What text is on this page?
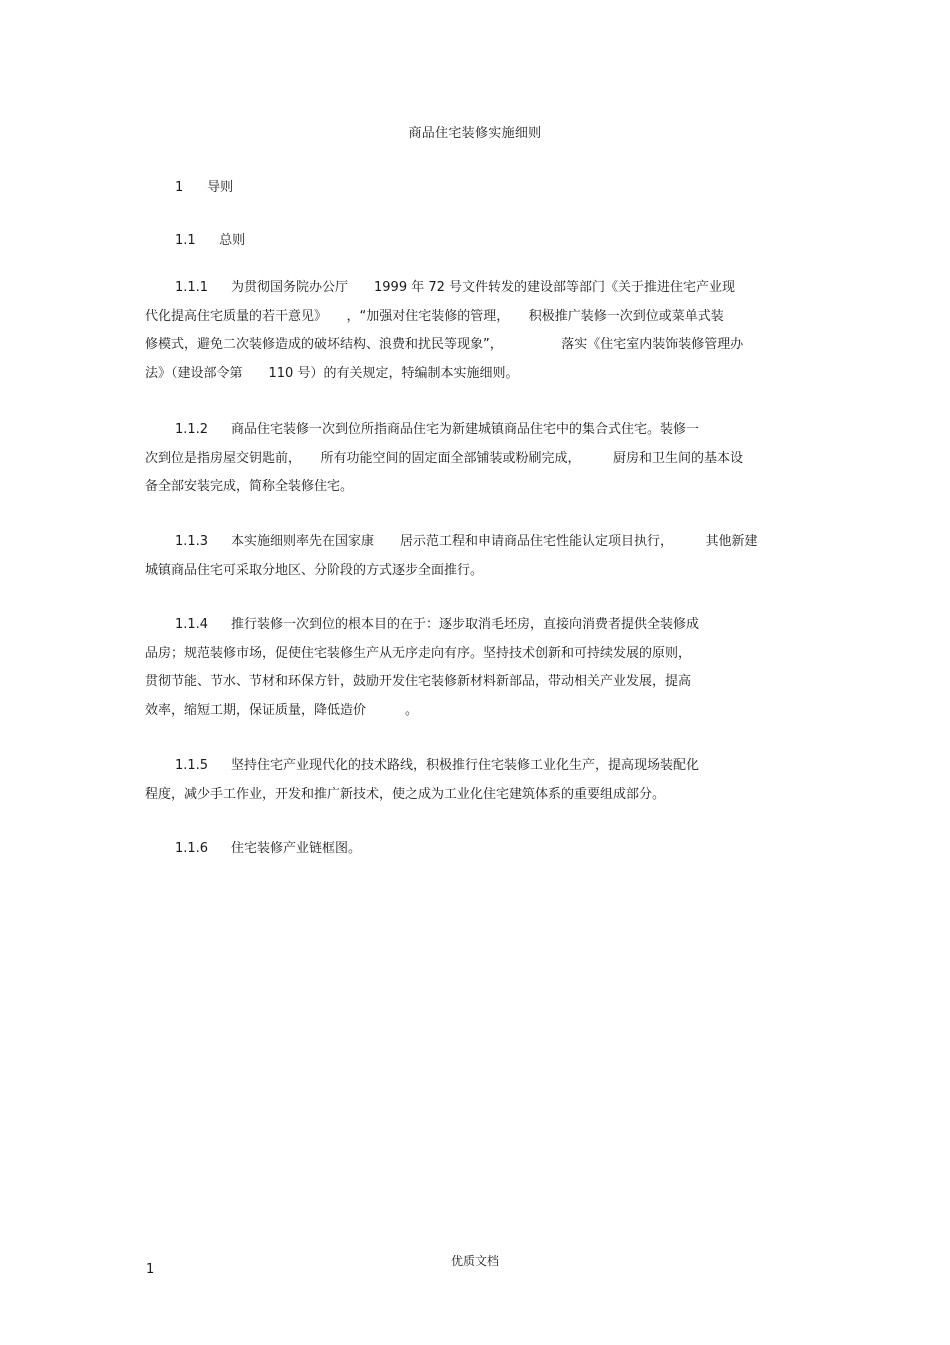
商品住宅装修实施细则
1 导则
1.1 总则
1.1.1 为贯彻国务院办公厅　　1999 年 72 号文件转发的建设部等部门《关于推进住宅产业现
代化提高住宅质量的若干意见》　　，“加强对住宅装修的管理，　　积极推广装修一次到位或菜单式装
修模式，避免二次装修造成的破坏结构、浪费和扰民等现象”，　　　　　落实《住宅室内装饰装修管理办
法》（建设部令第　　110 号）的有关规定，特编制本实施细则。
1.1.2 商品住宅装修一次到位所指商品住宅为新建城镇商品住宅中的集合式住宅。装修一
次到位是指房屋交钥匙前，　　所有功能空间的固定面全部铺装或粉刷完成，　　　厨房和卫生间的基本设
备全部安装完成，简称全装修住宅。
1.1.3 本实施细则率先在国家康　　居示范工程和申请商品住宅性能认定项目执行，　　　其他新建
城镇商品住宅可采取分地区、分阶段的方式逐步全面推行。
1.1.4 推行装修一次到位的根本目的在于：逐步取消毛坯房，直接向消费者提供全装修成
品房；规范装修市场，促使住宅装修生产从无序走向有序。坚持技术创新和可持续发展的原则，
贯彻节能、节水、节材和环保方针，鼓励开发住宅装修新材料新部品，带动相关产业发展，提高
效率，缩短工期，保证质量，降低造价　　　。
1.1.5 坚持住宅产业现代化的技术路线，积极推行住宅装修工业化生产，提高现场装配化
程度，减少手工作业，开发和推广新技术，使之成为工业化住宅建筑体系的重要组成部分。
1.1.6 住宅装修产业链框图。
优质文档
1
